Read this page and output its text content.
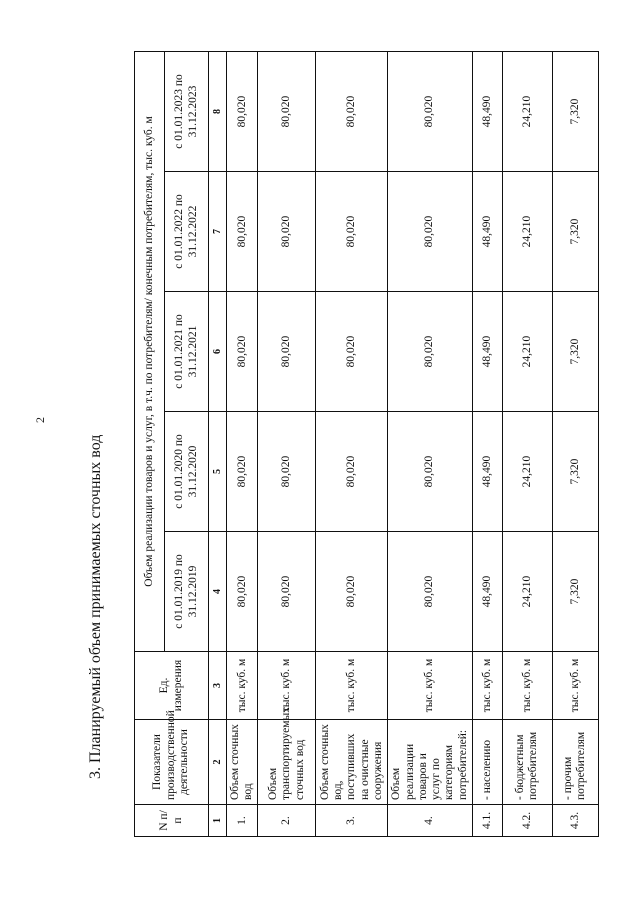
2
3. Планируемый объем принимаемых сточных вод
N п/п	Показатели производственной деятельности	Ед. измерения	Объем реализации товаров и услуг, в т.ч. по потребителям/ конечным потребителям, тыс. куб. м				
			с 01.01.2019 по 31.12.2019	с 01.01.2020 по 31.12.2020	с 01.01.2021 по 31.12.2021	с 01.01.2022 по 31.12.2022	с 01.01.2023 по 31.12.2023
1	2	3	4	5	6	7	8
1.	Объем сточных вод	тыс. куб. м	80,020	80,020	80,020	80,020	80,020
2.	Объем транспортируемых сточных вод	тыс. куб. м	80,020	80,020	80,020	80,020	80,020
3.	Объем сточных вод, поступивших на очистные сооружения	тыс. куб. м	80,020	80,020	80,020	80,020	80,020
4.	Объем реализации товаров и услуг по категориям потребителей:	тыс. куб. м	80,020	80,020	80,020	80,020	80,020
4.1.	- населению	тыс. куб. м	48,490	48,490	48,490	48,490	48,490
4.2.	- бюджетным потребителям	тыс. куб. м	24,210	24,210	24,210	24,210	24,210
4.3.	- прочим потребителям	тыс. куб. м	7,320	7,320	7,320	7,320	7,320
